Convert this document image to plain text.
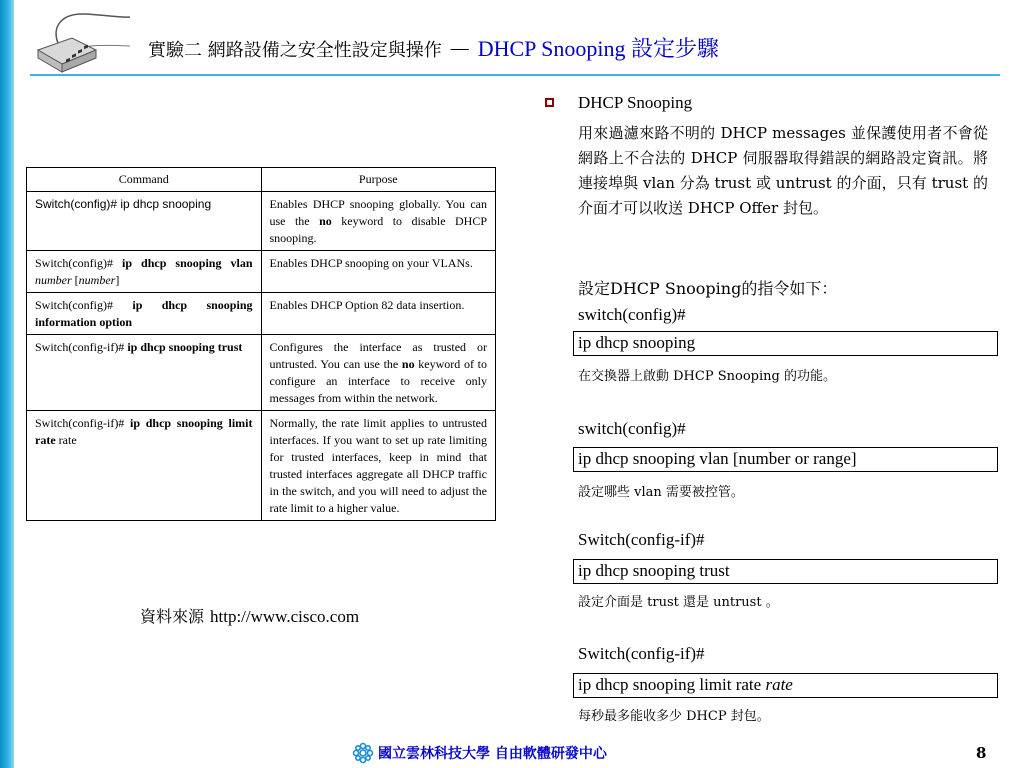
實驗二 網路設備之安全性設定與操作 － DHCP Snooping 設定步驟
Command	Purpose
Switch(config)# ip dhcp snooping	Enables DHCP snooping globally. You can use the no keyword to disable DHCP snooping.
Switch(config)# ip dhcp snooping vlan number [number]	Enables DHCP snooping on your VLANs.
Switch(config)# ip dhcp snooping information option	Enables DHCP Option 82 data insertion.
Switch(config-if)# ip dhcp snooping trust	Configures the interface as trusted or untrusted. You can use the no keyword of to configure an interface to receive only messages from within the network.
Switch(config-if)# ip dhcp snooping limit rate rate	Normally, the rate limit applies to untrusted interfaces. If you want to set up rate limiting for trusted interfaces, keep in mind that trusted interfaces aggregate all DHCP traffic in the switch, and you will need to adjust the rate limit to a higher value.
資料來源 http://www.cisco.com
DHCP Snooping
用來過濾來路不明的 DHCP messages 並保護使用者不會從網路上不合法的 DHCP 伺服器取得錯誤的網路設定資訊。將連接埠與 vlan 分為 trust 或 untrust 的介面，只有 trust 的介面才可以收送 DHCP Offer 封包。
設定DHCP Snooping的指令如下：
switch(config)#
ip dhcp snooping
在交換器上啟動 DHCP Snooping 的功能。
switch(config)#
ip dhcp snooping vlan [number or range]
設定哪些 vlan 需要被控管。
Switch(config-if)#
ip dhcp snooping trust
設定介面是 trust 還是 untrust 。
Switch(config-if)#
ip dhcp snooping limit rate rate
每秒最多能收多少 DHCP 封包。
國立雲林科技大學 自由軟體研發中心	8
